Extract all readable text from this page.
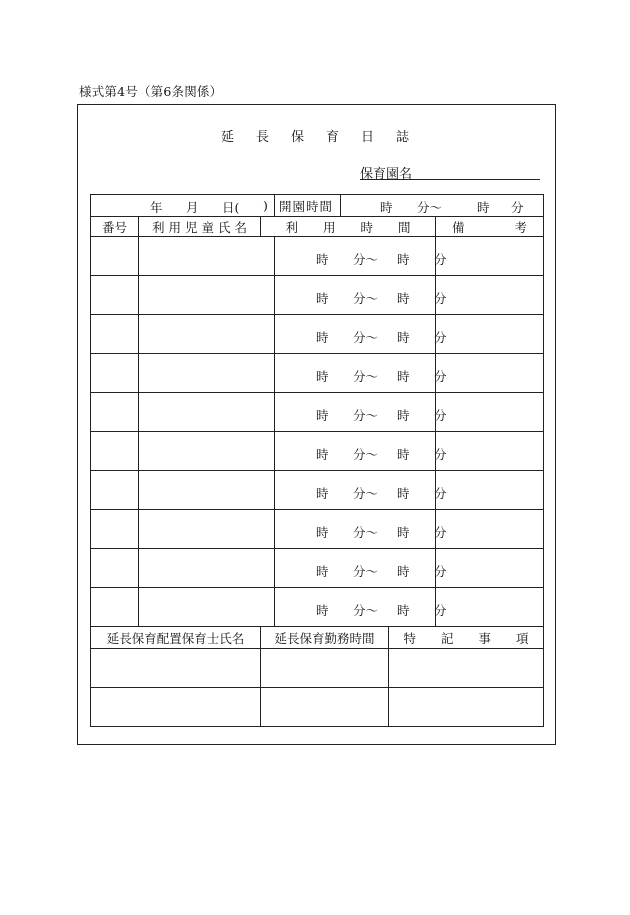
様式第4号（第6条関係）
延 長 保 育 日 誌
保育園名
年 月 日( )			開園時間	時 分～ 時 分		

番号	利 用 児 童 氏 名	利   用   時   間				備     考

			時 分～ 時 分			

			時 分～ 時 分			

			時 分～ 時 分			

			時 分～ 時 分			

			時 分～ 時 分			

			時 分～ 時 分			

			時 分～ 時 分			

			時 分～ 時 分			

			時 分～ 時 分			

			時 分～ 時 分			

延長保育配置保育士氏名		延長保育勤務時間			特   記   事   項	
